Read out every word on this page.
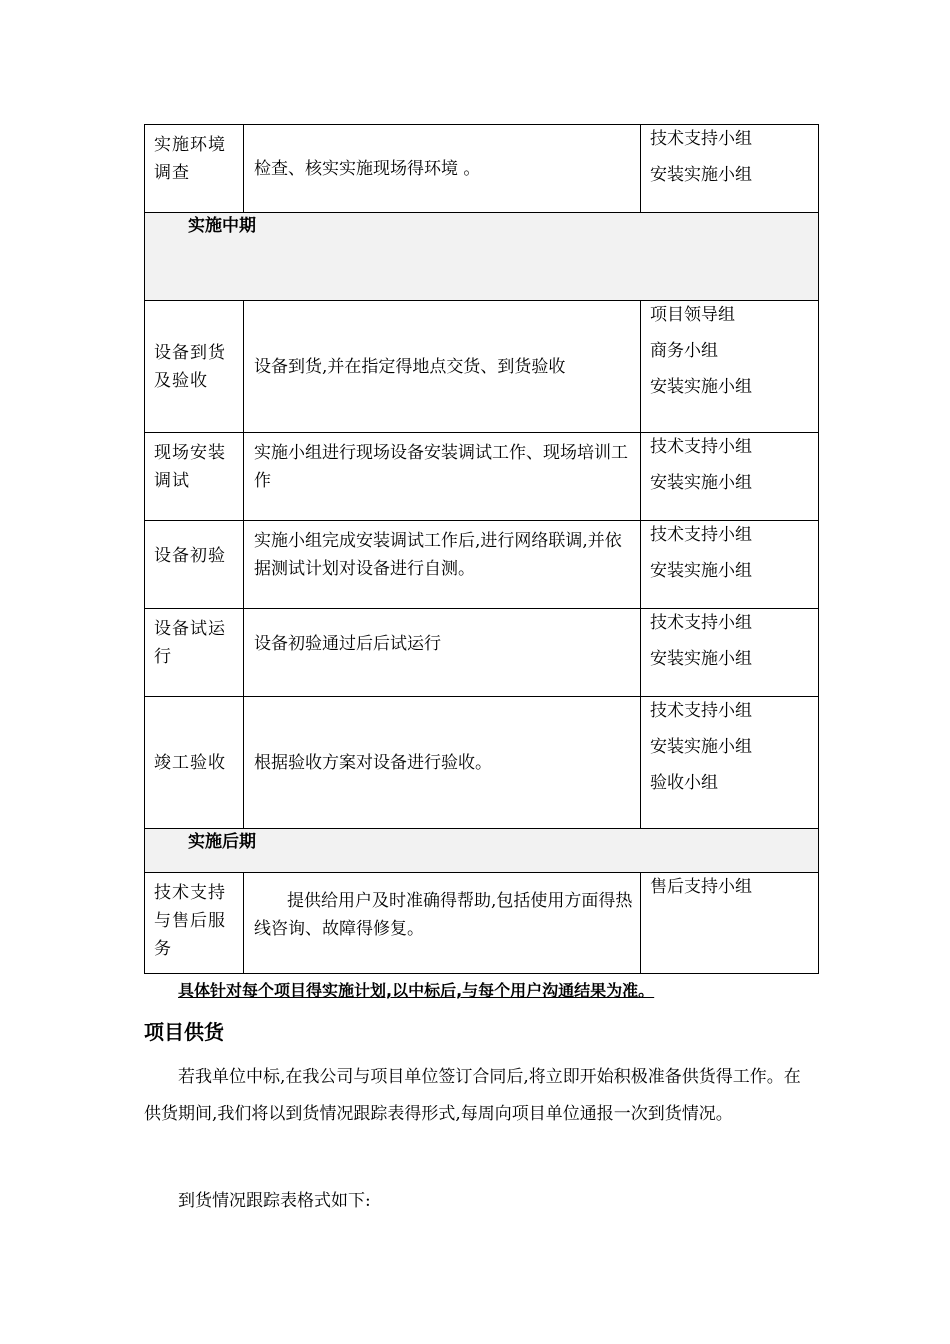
实施环境调查	检查、核实实施现场得环境 。	技术支持小组
安装实施小组

实施中期		
设备到货及验收	设备到货,并在指定得地点交货、到货验收	项目领导组
商务小组
安装实施小组

现场安装调试	实施小组进行现场设备安装调试工作、现场培训工作	技术支持小组
安装实施小组

设备初验	实施小组完成安装调试工作后,进行网络联调,并依据测试计划对设备进行自测。	技术支持小组
安装实施小组

设备试运行	设备初验通过后后试运行	技术支持小组
安装实施小组

竣工验收	根据验收方案对设备进行验收。	技术支持小组
安装实施小组
验收小组

实施后期		
技术支持与售后服务	提供给用户及时准确得帮助,包括使用方面得热线咨询、故障得修复。	售后支持小组
具体针对每个项目得实施计划,以中标后,与每个用户沟通结果为准。
项目供货
若我单位中标,在我公司与项目单位签订合同后,将立即开始积极准备供货得工作。在供货期间,我们将以到货情况跟踪表得形式,每周向项目单位通报一次到货情况。
到货情况跟踪表格式如下:
